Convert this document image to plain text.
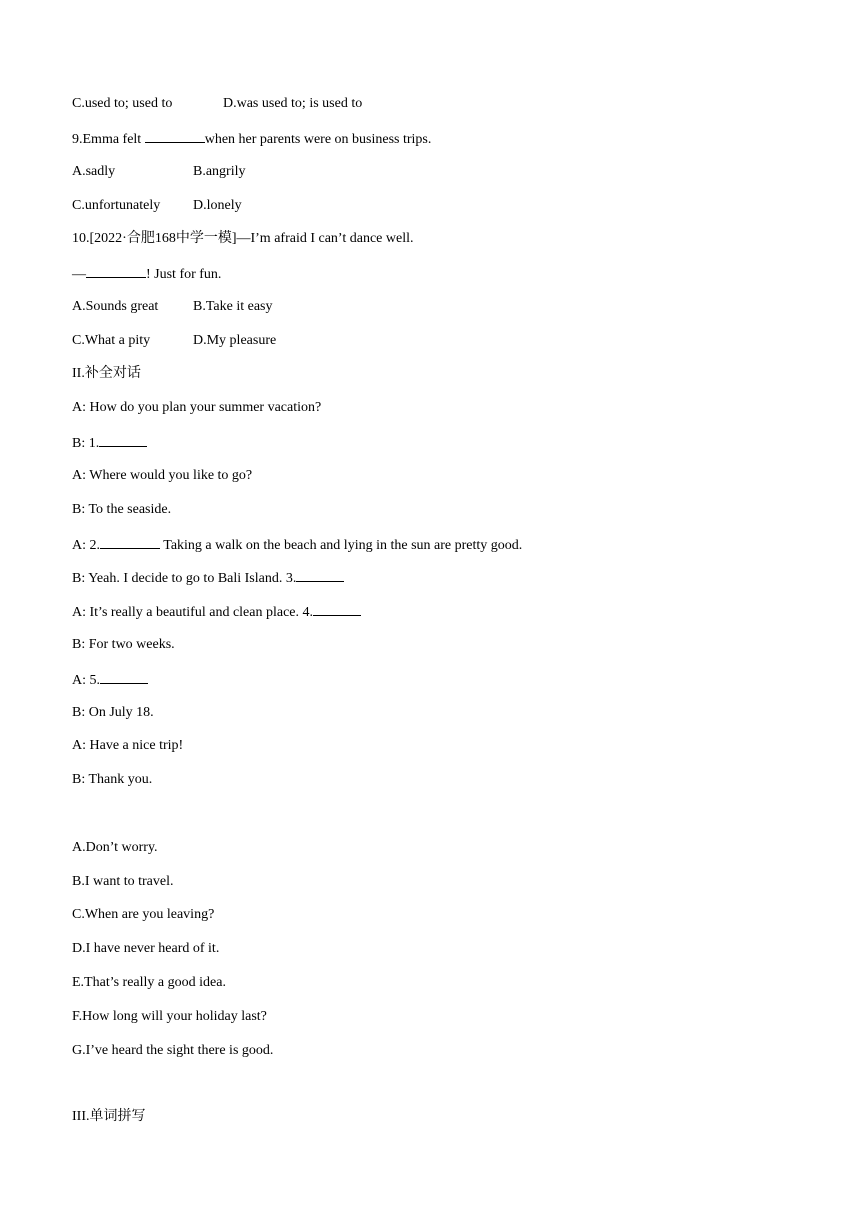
C.used to; used to	D.was used to; is used to
9.Emma felt	when her parents were on business trips.
A.sadly	B.angrily
C.unfortunately D.lonely
10.[2022·合肥168中学一模]—I’m afraid I can’t dance well.
—	! Just for fun.
A.Sounds great B.Take it easy
C.What a pity	D.My pleasure
II.补全对话
A: How do you plan your summer vacation?
B: 1.
A: Where would you like to go?
B: To the seaside.
A: 2.	Taking a walk on the beach and lying in the sun are pretty good.
B: Yeah. I decide to go to Bali Island. 3.
A: It’s really a beautiful and clean place. 4.
B: For two weeks.
A: 5.
B: On July 18.
A: Have a nice trip!
B: Thank you.
A.Don’t worry.
B.I want to travel.
C.When are you leaving?
D.I have never heard of it.
E.That’s really a good idea.
F.How long will your holiday last?
G.I’ve heard the sight there is good.
III.单词拼写
